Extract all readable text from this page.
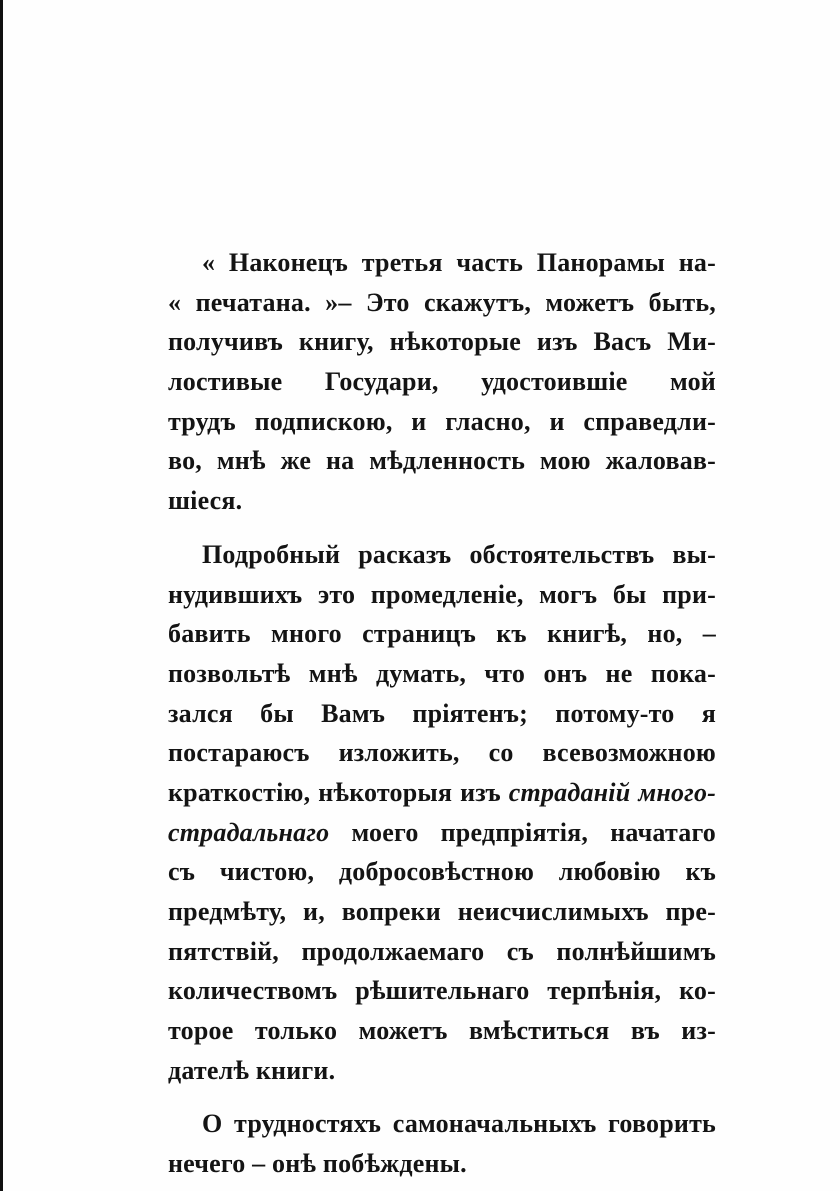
« Наконецъ третья часть Панорамы на-
« печатана. »– Это скажутъ, можетъ быть,
получивъ книгу, нѣкоторые изъ Васъ Ми-
лостивые Государи, удостоившіе мой
трудъ подпискою, и гласно, и справедли-
во, мнѣ же на мѣдленность мою жаловав-
шіеся.
Подробный расказъ обстоятельствъ вы-
нудившихъ это промедленіе, могъ бы при-
бавить много страницъ къ книгѣ, но, –
позвольтѣ мнѣ думать, что онъ не пока-
зался бы Вамъ пріятенъ; потому-то я
постараюсъ изложить, со всевозможною
краткостію, нѣкоторыя изъ страданій много-
страдальнаго моего предпріятія, начатаго
съ чистою, добросовѣстною любовію къ
предмѣту, и, вопреки неисчислимыхъ пре-
пятствій, продолжаемаго съ полнѣйшимъ
количествомъ рѣшительнаго терпѣнія, ко-
торое только можетъ вмѣститься въ из-
дателѣ книги.
О трудностяхъ самоначальныхъ говорить
нечего – онѣ побѣждены.
